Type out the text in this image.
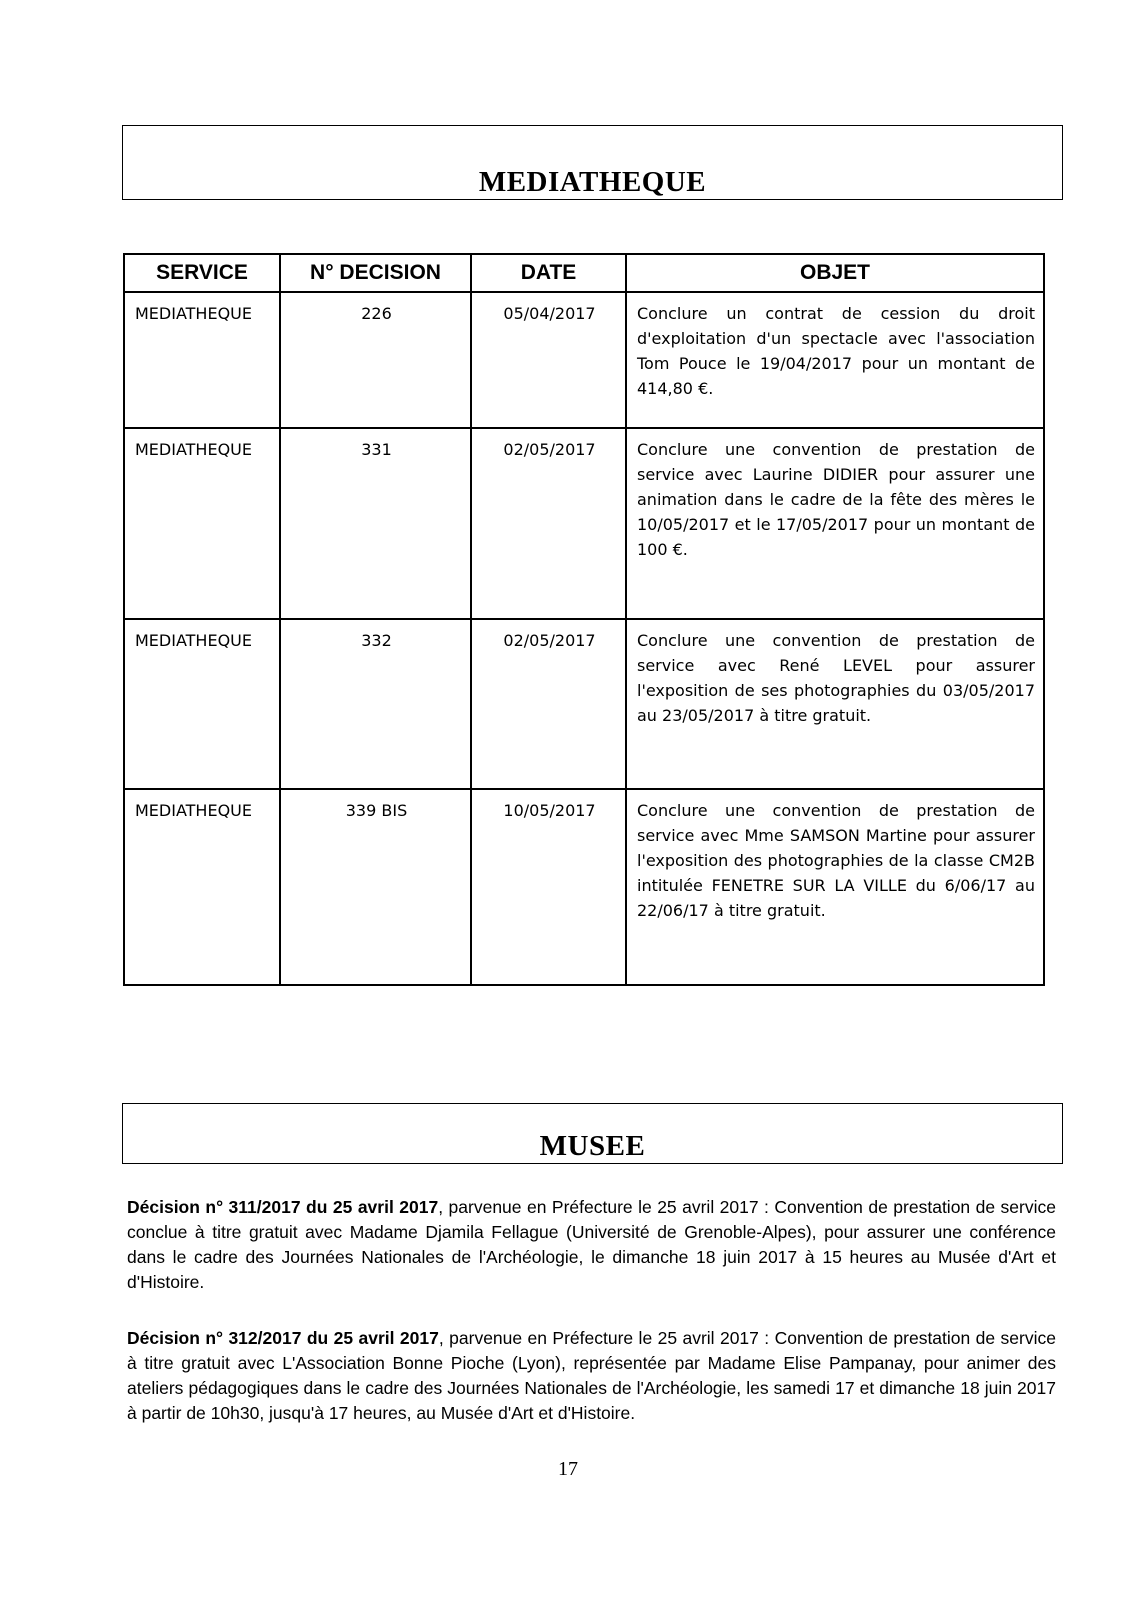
MEDIATHEQUE
SERVICE	N° DECISION	DATE	OBJET
MEDIATHEQUE	226	05/04/2017	Conclure un contrat de cession du droit d'exploitation d'un spectacle avec l'association Tom Pouce le 19/04/2017 pour un montant de 414,80 €.
MEDIATHEQUE	331	02/05/2017	Conclure une convention de prestation de service avec Laurine DIDIER pour assurer une animation dans le cadre de la fête des mères le 10/05/2017 et le 17/05/2017 pour un montant de 100 €.
MEDIATHEQUE	332	02/05/2017	Conclure une convention de prestation de service avec René LEVEL pour assurer l'exposition de ses photographies du 03/05/2017 au 23/05/2017 à titre gratuit.
MEDIATHEQUE	339 BIS	10/05/2017	Conclure une convention de prestation de service avec Mme SAMSON Martine pour assurer l'exposition des photographies de la classe CM2B intitulée FENETRE SUR LA VILLE du 6/06/17 au 22/06/17 à titre gratuit.
MUSEE

Décision n° 311/2017 du 25 avril 2017, parvenue en Préfecture le 25 avril 2017 : Convention de prestation de service conclue à titre gratuit avec Madame Djamila Fellague (Université de Grenoble-Alpes), pour assurer une conférence dans le cadre des Journées Nationales de l'Archéologie, le dimanche 18 juin 2017 à 15 heures au Musée d'Art et d'Histoire.

Décision n° 312/2017 du 25 avril 2017, parvenue en Préfecture le 25 avril 2017 : Convention de prestation de service à titre gratuit avec L'Association Bonne Pioche (Lyon), représentée par Madame Elise Pampanay, pour animer des ateliers pédagogiques dans le cadre des Journées Nationales de l'Archéologie, les samedi 17 et dimanche 18 juin 2017 à partir de 10h30, jusqu'à 17 heures, au Musée d'Art et d'Histoire.

17
